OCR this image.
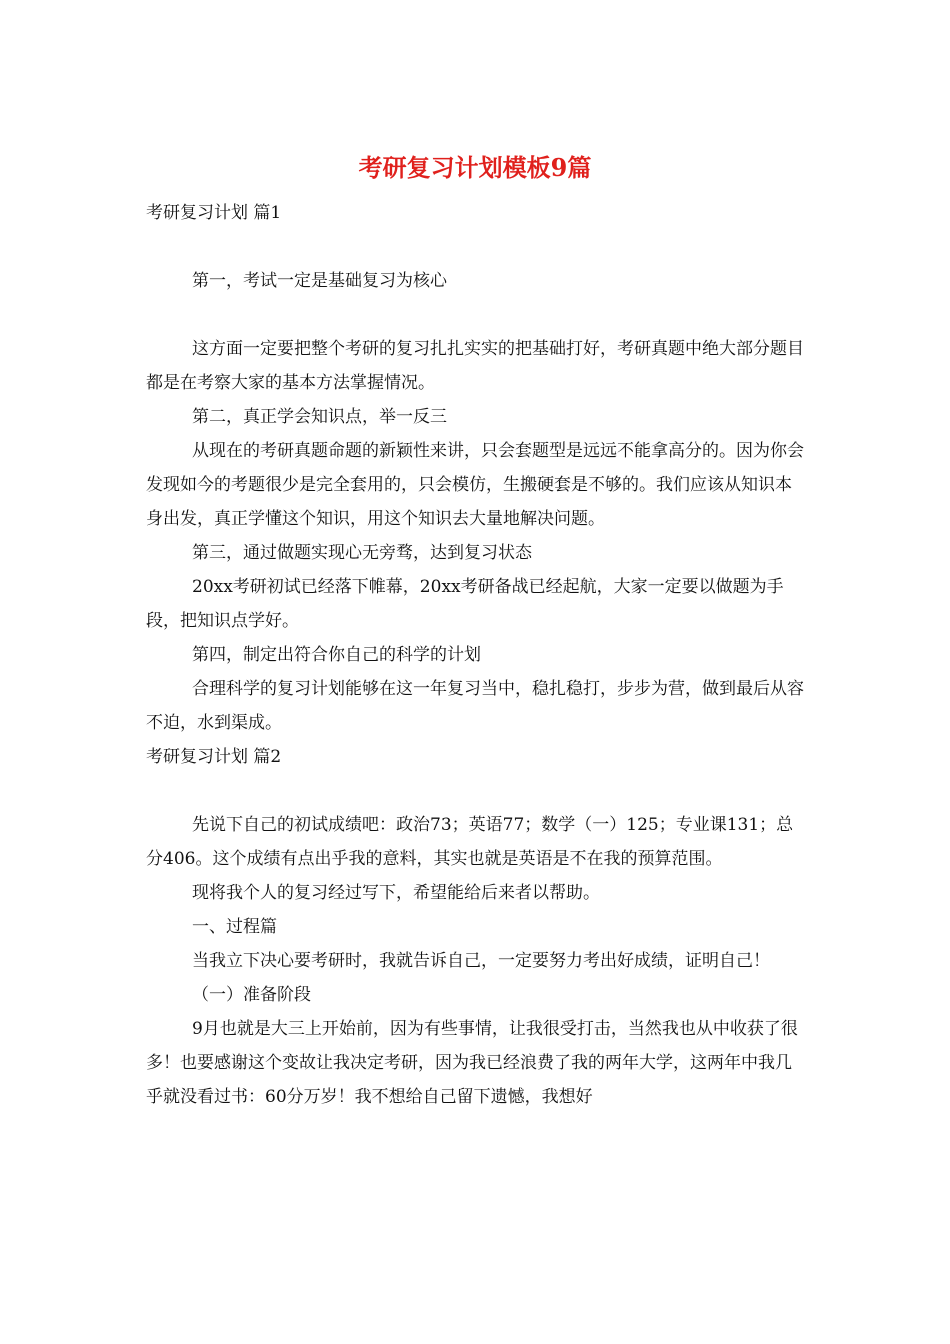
考研复习计划模板9篇

考研复习计划 篇1

第一，考试一定是基础复习为核心

这方面一定要把整个考研的复习扎扎实实的把基础打好，考研真题中绝大部分题目都是在考察大家的基本方法掌握情况。

第二，真正学会知识点，举一反三

从现在的考研真题命题的新颖性来讲，只会套题型是远远不能拿高分的。因为你会发现如今的考题很少是完全套用的，只会模仿，生搬硬套是不够的。我们应该从知识本身出发，真正学懂这个知识，用这个知识去大量地解决问题。

第三，通过做题实现心无旁骛，达到复习状态

20xx考研初试已经落下帷幕，20xx考研备战已经起航，大家一定要以做题为手段，把知识点学好。

第四，制定出符合你自己的科学的计划

合理科学的复习计划能够在这一年复习当中，稳扎稳打，步步为营，做到最后从容不迫，水到渠成。

考研复习计划 篇2

先说下自己的初试成绩吧：政治73；英语77；数学（一）125；专业课131；总分406。这个成绩有点出乎我的意料，其实也就是英语是不在我的预算范围。

现将我个人的复习经过写下，希望能给后来者以帮助。

一、过程篇

当我立下决心要考研时，我就告诉自己，一定要努力考出好成绩，证明自己！

（一）准备阶段

9月也就是大三上开始前，因为有些事情，让我很受打击，当然我也从中收获了很多！也要感谢这个变故让我决定考研，因为我已经浪费了我的两年大学，这两年中我几乎就没看过书：60分万岁！我不想给自己留下遗憾，我想好
